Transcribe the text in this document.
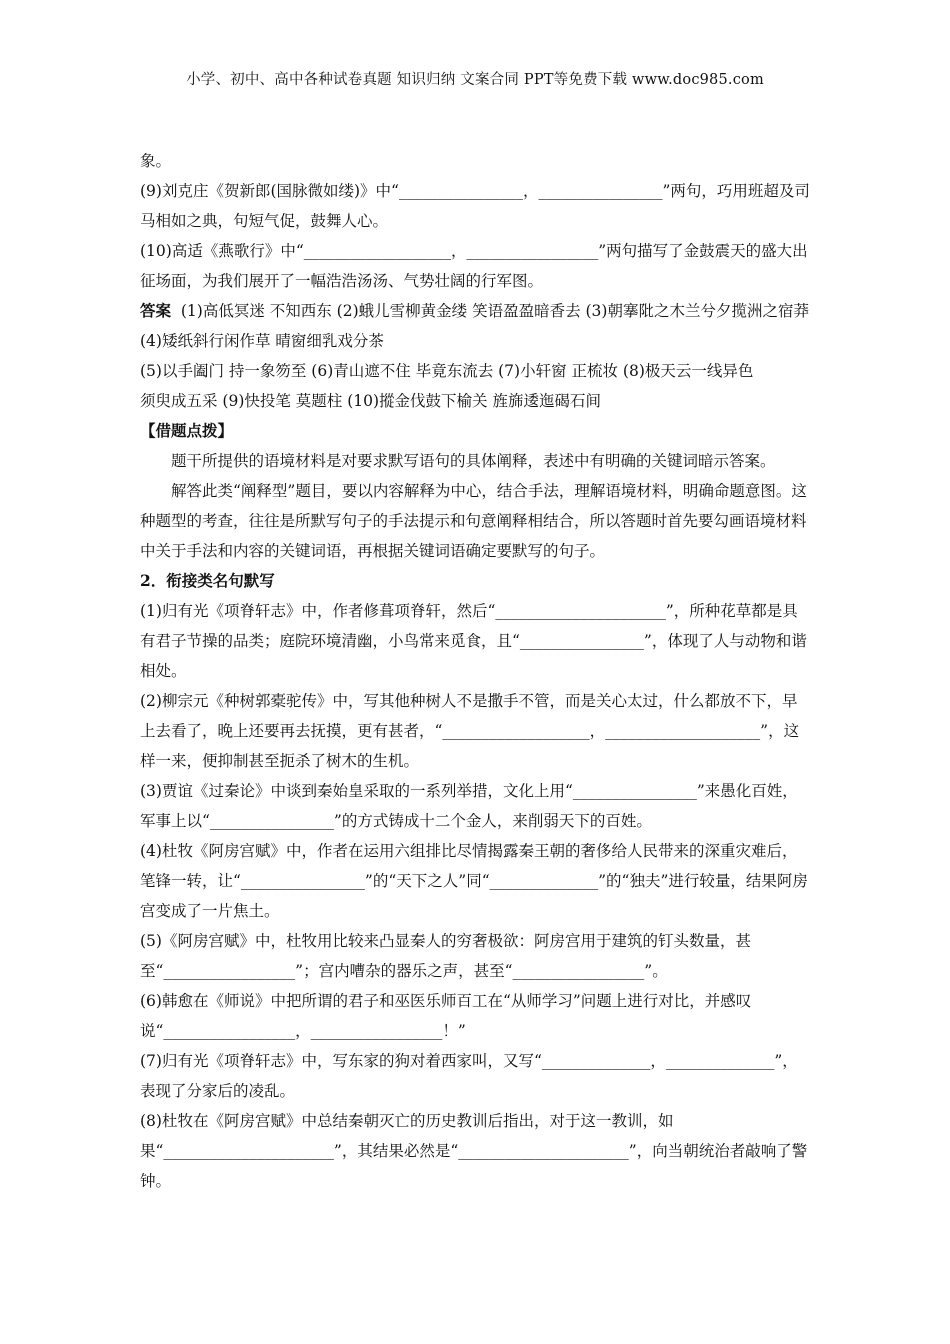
小学、初中、高中各种试卷真题 知识归纳 文案合同 PPT等免费下载 www.doc985.com

象。

(9)刘克庄《贺新郎(国脉微如缕)》中“________________，________________”两句，巧用班超及司马相如之典，句短气促，鼓舞人心。

(10)高适《燕歌行》中“___________________，_________________”两句描写了金鼓震天的盛大出征场面，为我们展开了一幅浩浩汤汤、气势壮阔的行军图。

答案 (1)高低冥迷 不知西东 (2)蛾儿雪柳黄金缕 笑语盈盈暗香去 (3)朝搴阰之木兰兮夕揽洲之宿莽 (4)矮纸斜行闲作草 晴窗细乳戏分茶

(5)以手阖门 持一象笏至 (6)青山遮不住 毕竟东流去 (7)小轩窗 正梳妆 (8)极天云一线异色

须臾成五采 (9)快投笔 莫题柱 (10)摐金伐鼓下榆关 旌旆逶迤碣石间

【借题点拨】

题干所提供的语境材料是对要求默写语句的具体阐释，表述中有明确的关键词暗示答案。

解答此类“阐释型”题目，要以内容解释为中心，结合手法，理解语境材料，明确命题意图。这种题型的考查，往往是所默写句子的手法提示和句意阐释相结合，所以答题时首先要勾画语境材料中关于手法和内容的关键词语，再根据关键词语确定要默写的句子。

2．衔接类名句默写

(1)归有光《项脊轩志》中，作者修葺项脊轩，然后“______________________”，所种花草都是具有君子节操的品类；庭院环境清幽，小鸟常来觅食，且“________________”，体现了人与动物和谐相处。

(2)柳宗元《种树郭橐驼传》中，写其他种树人不是撒手不管，而是关心太过，什么都放不下，早上去看了，晚上还要再去抚摸，更有甚者，“___________________，____________________”，这样一来，便抑制甚至扼杀了树木的生机。

(3)贾谊《过秦论》中谈到秦始皇采取的一系列举措，文化上用“________________”来愚化百姓，军事上以“________________”的方式铸成十二个金人，来削弱天下的百姓。

(4)杜牧《阿房宫赋》中，作者在运用六组排比尽情揭露秦王朝的奢侈给人民带来的深重灾难后，笔锋一转，让“________________”的“天下之人”同“______________”的“独夫”进行较量，结果阿房宫变成了一片焦土。

(5)《阿房宫赋》中，杜牧用比较来凸显秦人的穷奢极欲：阿房宫用于建筑的钉头数量，甚至“_________________”；宫内嘈杂的器乐之声，甚至“_________________”。

(6)韩愈在《师说》中把所谓的君子和巫医乐师百工在“从师学习”问题上进行对比，并感叹说“_________________，_________________！”

(7)归有光《项脊轩志》中，写东家的狗对着西家叫，又写“______________，______________”，表现了分家后的凌乱。

(8)杜牧在《阿房宫赋》中总结秦朝灭亡的历史教训后指出，对于这一教训，如果“______________________”，其结果必然是“______________________”，向当朝统治者敲响了警钟。
